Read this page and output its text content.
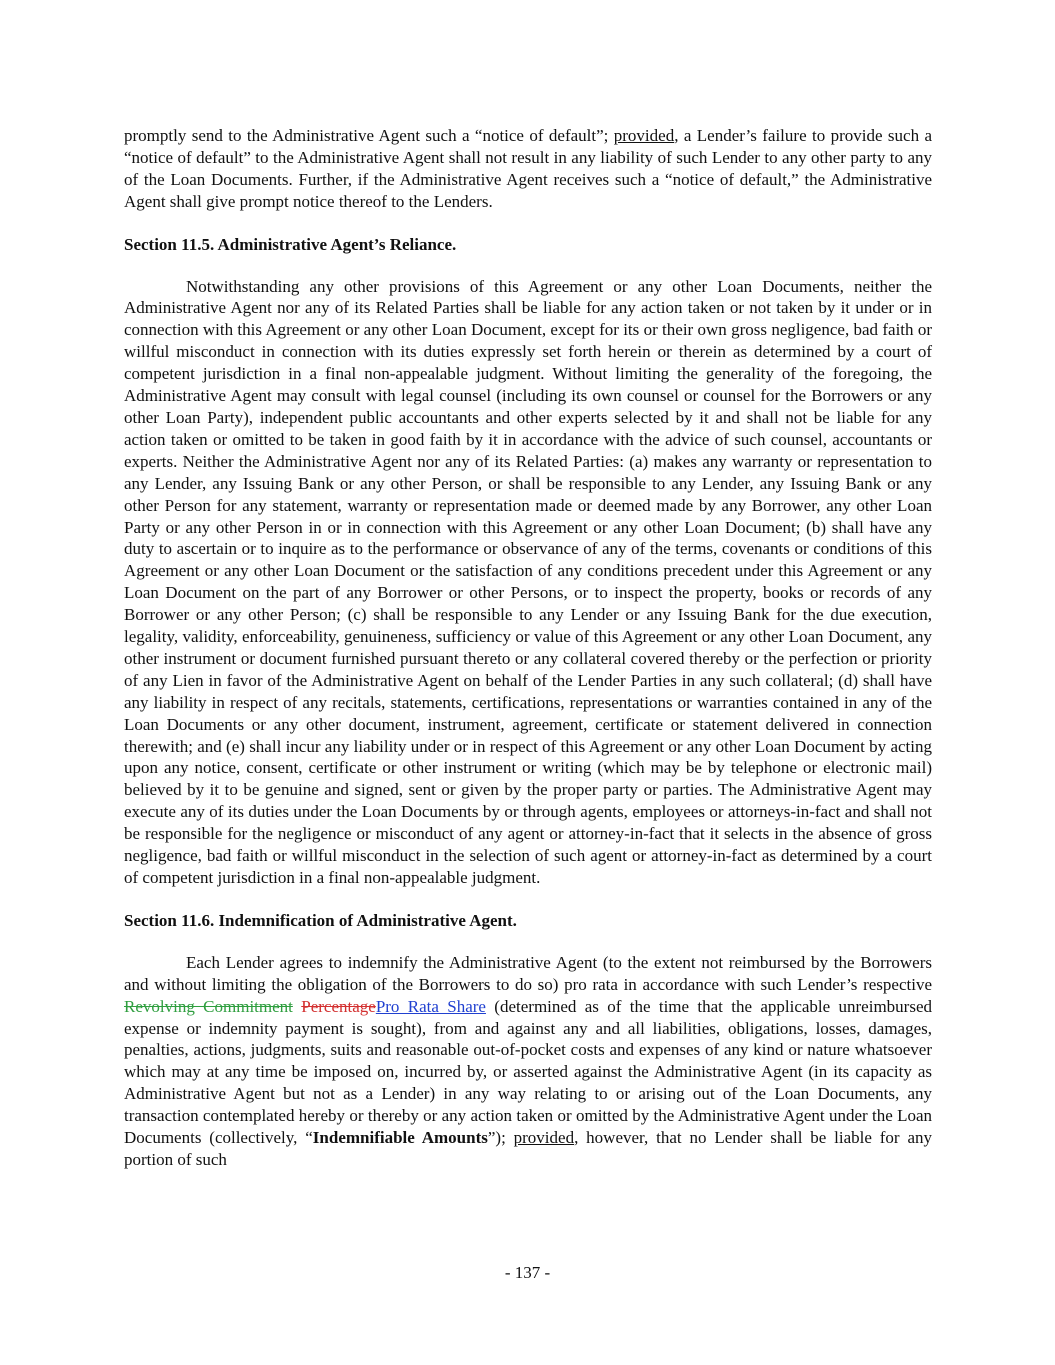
promptly send to the Administrative Agent such a “notice of default”; provided, a Lender’s failure to provide such a “notice of default” to the Administrative Agent shall not result in any liability of such Lender to any other party to any of the Loan Documents. Further, if the Administrative Agent receives such a “notice of default,” the Administrative Agent shall give prompt notice thereof to the Lenders.

Section 11.5. Administrative Agent’s Reliance.

Notwithstanding any other provisions of this Agreement or any other Loan Documents, neither the Administrative Agent nor any of its Related Parties shall be liable for any action taken or not taken by it under or in connection with this Agreement or any other Loan Document, except for its or their own gross negligence, bad faith or willful misconduct in connection with its duties expressly set forth herein or therein as determined by a court of competent jurisdiction in a final non-appealable judgment. Without limiting the generality of the foregoing, the Administrative Agent may consult with legal counsel (including its own counsel or counsel for the Borrowers or any other Loan Party), independent public accountants and other experts selected by it and shall not be liable for any action taken or omitted to be taken in good faith by it in accordance with the advice of such counsel, accountants or experts. Neither the Administrative Agent nor any of its Related Parties: (a) makes any warranty or representation to any Lender, any Issuing Bank or any other Person, or shall be responsible to any Lender, any Issuing Bank or any other Person for any statement, warranty or representation made or deemed made by any Borrower, any other Loan Party or any other Person in or in connection with this Agreement or any other Loan Document; (b) shall have any duty to ascertain or to inquire as to the performance or observance of any of the terms, covenants or conditions of this Agreement or any other Loan Document or the satisfaction of any conditions precedent under this Agreement or any Loan Document on the part of any Borrower or other Persons, or to inspect the property, books or records of any Borrower or any other Person; (c) shall be responsible to any Lender or any Issuing Bank for the due execution, legality, validity, enforceability, genuineness, sufficiency or value of this Agreement or any other Loan Document, any other instrument or document furnished pursuant thereto or any collateral covered thereby or the perfection or priority of any Lien in favor of the Administrative Agent on behalf of the Lender Parties in any such collateral; (d) shall have any liability in respect of any recitals, statements, certifications, representations or warranties contained in any of the Loan Documents or any other document, instrument, agreement, certificate or statement delivered in connection therewith; and (e) shall incur any liability under or in respect of this Agreement or any other Loan Document by acting upon any notice, consent, certificate or other instrument or writing (which may be by telephone or electronic mail) believed by it to be genuine and signed, sent or given by the proper party or parties. The Administrative Agent may execute any of its duties under the Loan Documents by or through agents, employees or attorneys-in-fact and shall not be responsible for the negligence or misconduct of any agent or attorney-in-fact that it selects in the absence of gross negligence, bad faith or willful misconduct in the selection of such agent or attorney-in-fact as determined by a court of competent jurisdiction in a final non-appealable judgment.

Section 11.6. Indemnification of Administrative Agent.

Each Lender agrees to indemnify the Administrative Agent (to the extent not reimbursed by the Borrowers and without limiting the obligation of the Borrowers to do so) pro rata in accordance with such Lender’s respective Revolving Commitment PercentagePro Rata Share (determined as of the time that the applicable unreimbursed expense or indemnity payment is sought), from and against any and all liabilities, obligations, losses, damages, penalties, actions, judgments, suits and reasonable out-of-pocket costs and expenses of any kind or nature whatsoever which may at any time be imposed on, incurred by, or asserted against the Administrative Agent (in its capacity as Administrative Agent but not as a Lender) in any way relating to or arising out of the Loan Documents, any transaction contemplated hereby or thereby or any action taken or omitted by the Administrative Agent under the Loan Documents (collectively, “Indemnifiable Amounts”); provided, however, that no Lender shall be liable for any portion of such

- 137 -
